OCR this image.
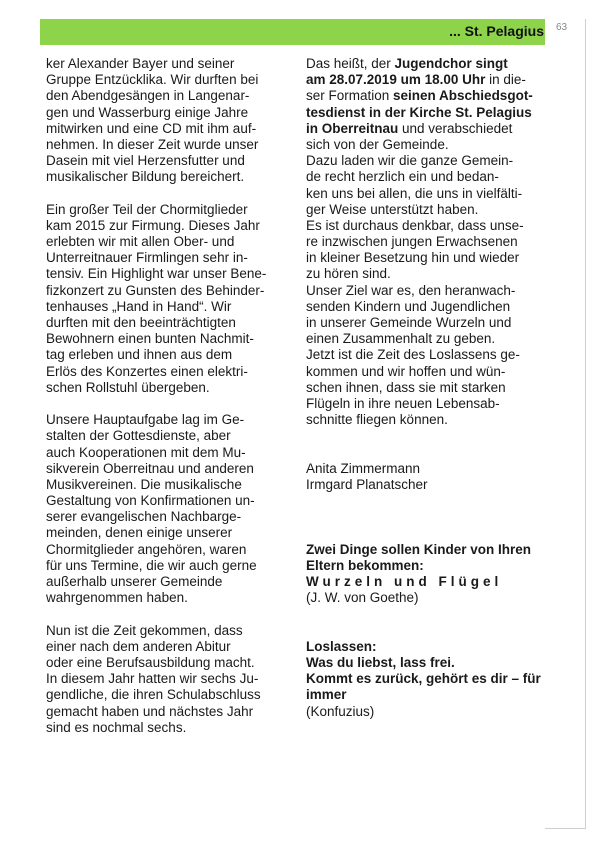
... St. Pelagius 63
ker Alexander Bayer und seiner
Gruppe Entzücklika. Wir durften bei
den Abendgesängen in Langenar-
gen und Wasserburg einige Jahre
mitwirken und eine CD mit ihm auf-
nehmen. In dieser Zeit wurde unser
Dasein mit viel Herzensfutter und
musikalischer Bildung bereichert.
Ein großer Teil der Chormitglieder
kam 2015 zur Firmung. Dieses Jahr
erlebten wir mit allen Ober- und
Unterreitnauer Firmlingen sehr in-
tensiv. Ein Highlight war unser Bene-
fizkonzert zu Gunsten des Behinder-
tenhauses „Hand in Hand“. Wir
durften mit den beeinträchtigten
Bewohnern einen bunten Nachmit-
tag erleben und ihnen aus dem
Erlös des Konzertes einen elektri-
schen Rollstuhl übergeben.
Unsere Hauptaufgabe lag im Ge-
stalten der Gottesdienste, aber
auch Kooperationen mit dem Mu-
sikverein Oberreitnau und anderen
Musikvereinen. Die musikalische
Gestaltung von Konfirmationen un-
serer evangelischen Nachbarge-
meinden, denen einige unserer
Chormitglieder angehören, waren
für uns Termine, die wir auch gerne
außerhalb unserer Gemeinde
wahrgenommen haben.
Nun ist die Zeit gekommen, dass
einer nach dem anderen Abitur
oder eine Berufsausbildung macht.
In diesem Jahr hatten wir sechs Ju-
gendliche, die ihren Schulabschluss
gemacht haben und nächstes Jahr
sind es nochmal sechs.
Das heißt, der Jugendchor singt
am 28.07.2019 um 18.00 Uhr in die-
ser Formation seinen Abschiedsgot-
tesdienst in der Kirche St. Pelagius
in Oberreitnau und verabschiedet
sich von der Gemeinde.
Dazu laden wir die ganze Gemein-
de recht herzlich ein und bedan-
ken uns bei allen, die uns in vielfälti-
ger Weise unterstützt haben.
Es ist durchaus denkbar, dass unse-
re inzwischen jungen Erwachsenen
in kleiner Besetzung hin und wieder
zu hören sind.
Unser Ziel war es, den heranwach-
senden Kindern und Jugendlichen
in unserer Gemeinde Wurzeln und
einen Zusammenhalt zu geben.
Jetzt ist die Zeit des Loslassens ge-
kommen und wir hoffen und wün-
schen ihnen, dass sie mit starken
Flügeln in ihre neuen Lebensab-
schnitte fliegen können.
Anita Zimmermann
Irmgard Planatscher
Zwei Dinge sollen Kinder von Ihren
Eltern bekommen:
Wurzeln und Flügel
(J. W. von Goethe)
Loslassen:
Was du liebst, lass frei.
Kommt es zurück, gehört es dir – für
immer
(Konfuzius)
